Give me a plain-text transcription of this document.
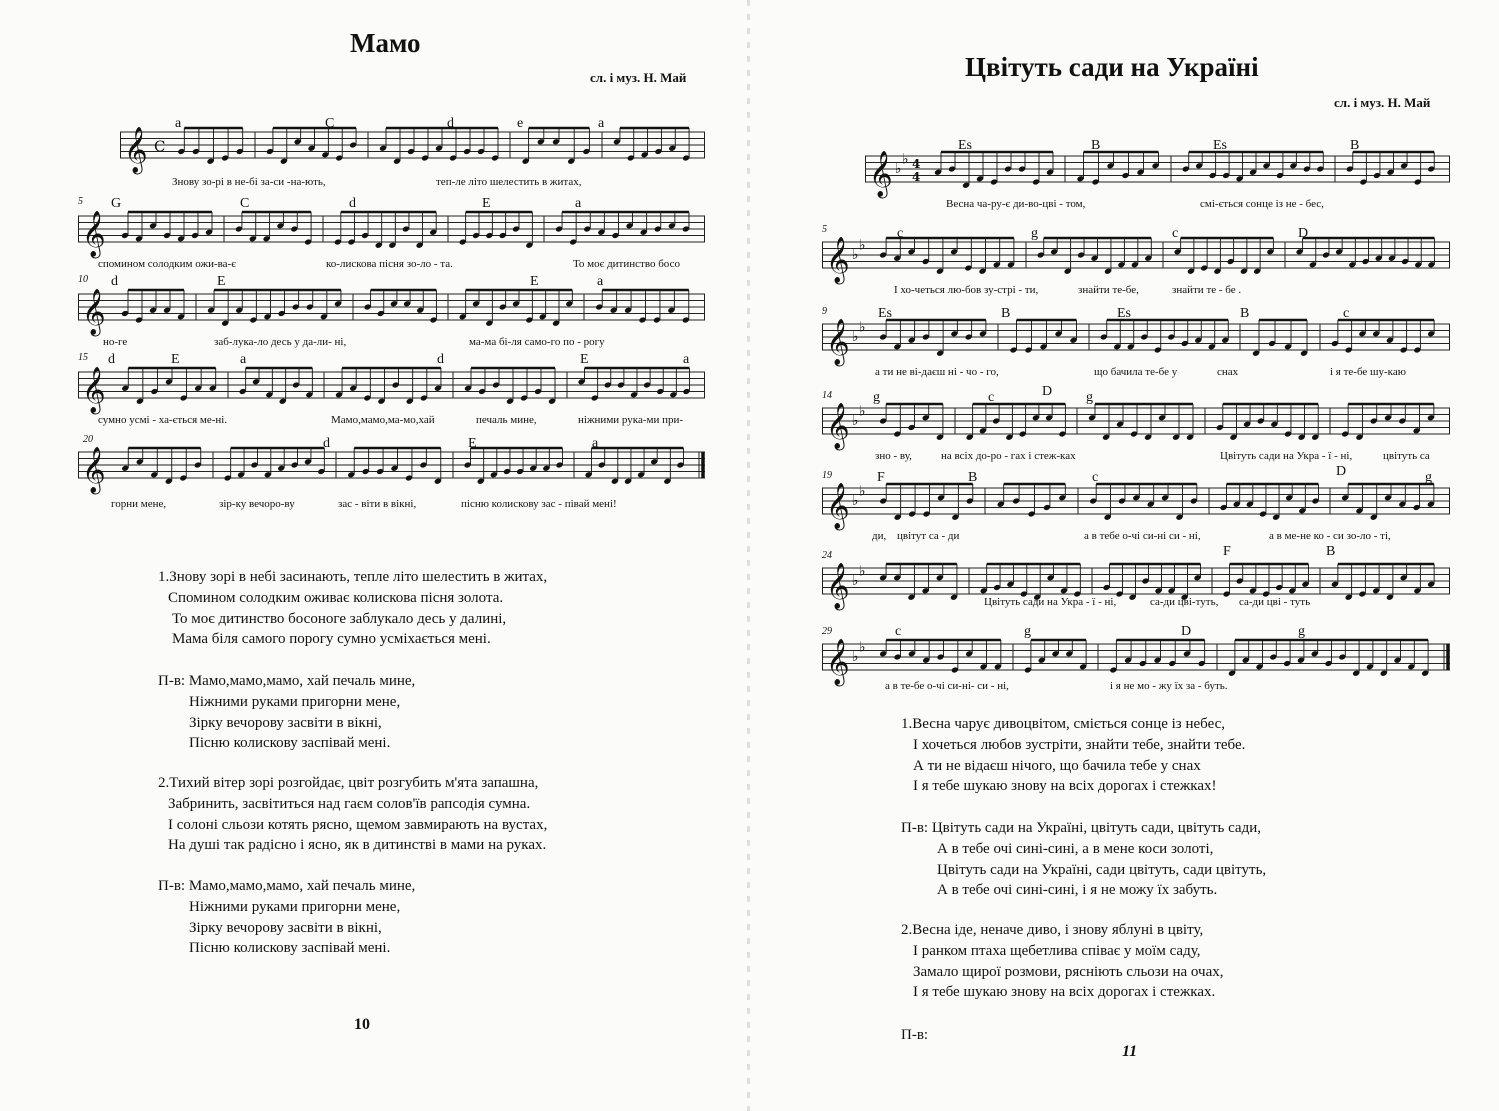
Мамо
сл. і муз. Н. Май
𝄞 C
a	C	d	e	a
Знову зо-рі в не-бі за-си -на-ють,	теп-ле літо шелестить в житах,
5
𝄞
G	C	d	E	a
спомином солодким ожи-ва-є	ко-лискова пісня зо-ло - та.	То моє дитинство босо
10
𝄞
d	E	E	a
но-ге	заб-лука-ло десь у да-ли- ні,	ма-ма бі-ля само-го по - рогу
15
𝄞
d	E	a	d	E	a
сумно усмі - ха-ється ме-ні.	Мамо,мамо,ма-мо,хай	печаль мине,	ніжними рука-ми при-
20
𝄞
d	E	a
горни мене,	зір-ку вечоро-ву	зас - віти в вікні,	пісню колискову зас - півай мені!
1.Знову зорі в небі засинають, тепле літо шелестить в житах,
Спомином солодким оживає колискова пісня золота.
То моє дитинство босоноге заблукало десь у далині,
Мама біля самого порогу сумно усміхається мені.
П-в: Мамо,мамо,мамо, хай печаль мине,
Ніжними руками пригорни мене,
Зірку вечорову засвіти в вікні,
Пісню колискову заспівай мені.
2.Тихий вітер зорі розгойдає, цвіт розгубить м'ята запашна,
Забринить, засвітиться над гаєм солов'їв рапсодія сумна.
І солоні сльози котять рясно, щемом завмирають на вустах,
На душі так радісно і ясно, як в дитинстві в мами на руках.
П-в: Мамо,мамо,мамо, хай печаль мине,
Ніжними руками пригорни мене,
Зірку вечорову засвіти в вікні,
Пісню колискову заспівай мені.
10
Цвітуть сади на Україні
сл. і муз. Н. Май
𝄞 ♭
♭ 4
4
Es	B	Es	B
Весна ча-ру-є ди-во-цві - том,	смі-ється сонце із не - бес,
5
𝄞 ♭
♭
c	g	c	D
І хо-четься лю-бов зу-стрі - ти,	знайти те-бе,	знайти те - бе .
9
𝄞 ♭
♭
Es	B	Es	B	c
а ти не ві-даєш ні - чо - го,	що бачила те-бе у	снах	і я те-бе шу-каю
14
𝄞 ♭
♭
g	c	D g
зно - ву,	на всіх до-ро - гах і стеж-ках	Цвітуть сади на Укра - ї - ні,	цвітуть са
19
𝄞 ♭
♭
F	B	c	D	g
ди, цвітут са - ди	а в тебе о-чі си-ні си - ні,	а в ме-не ко - си зо-ло - ті,
24
𝄞 ♭
♭
F	B
Цвітуть сади на Укра - ї - ні,	са-ди цві-туть, са-ди цві - туть
29
𝄞 ♭
♭
c	g	D	g
а в те-бе о-чі си-ні- си - ні,	і я не мо - жу їх за - буть.
1.Весна чарує дивоцвітом, сміється сонце із небес,
І хочеться любов зустріти, знайти тебе, знайти тебе.
А ти не відаєш нічого, що бачила тебе у снах
І я тебе шукаю знову на всіх дорогах і стежках!
П-в: Цвітуть сади на Україні, цвітуть сади, цвітуть сади,
А в тебе очі сині-сині, а в мене коси золоті,
Цвітуть сади на Україні, сади цвітуть, сади цвітуть,
А в тебе очі сині-сині, і я не можу їх забуть.
2.Весна іде, неначе диво, і знову яблуні в цвіту,
І ранком птаха щебетлива співає у моїм саду,
Замало щирої розмови, рясніють сльози на очах,
І я тебе шукаю знову на всіх дорогах і стежках.
П-в:
11
